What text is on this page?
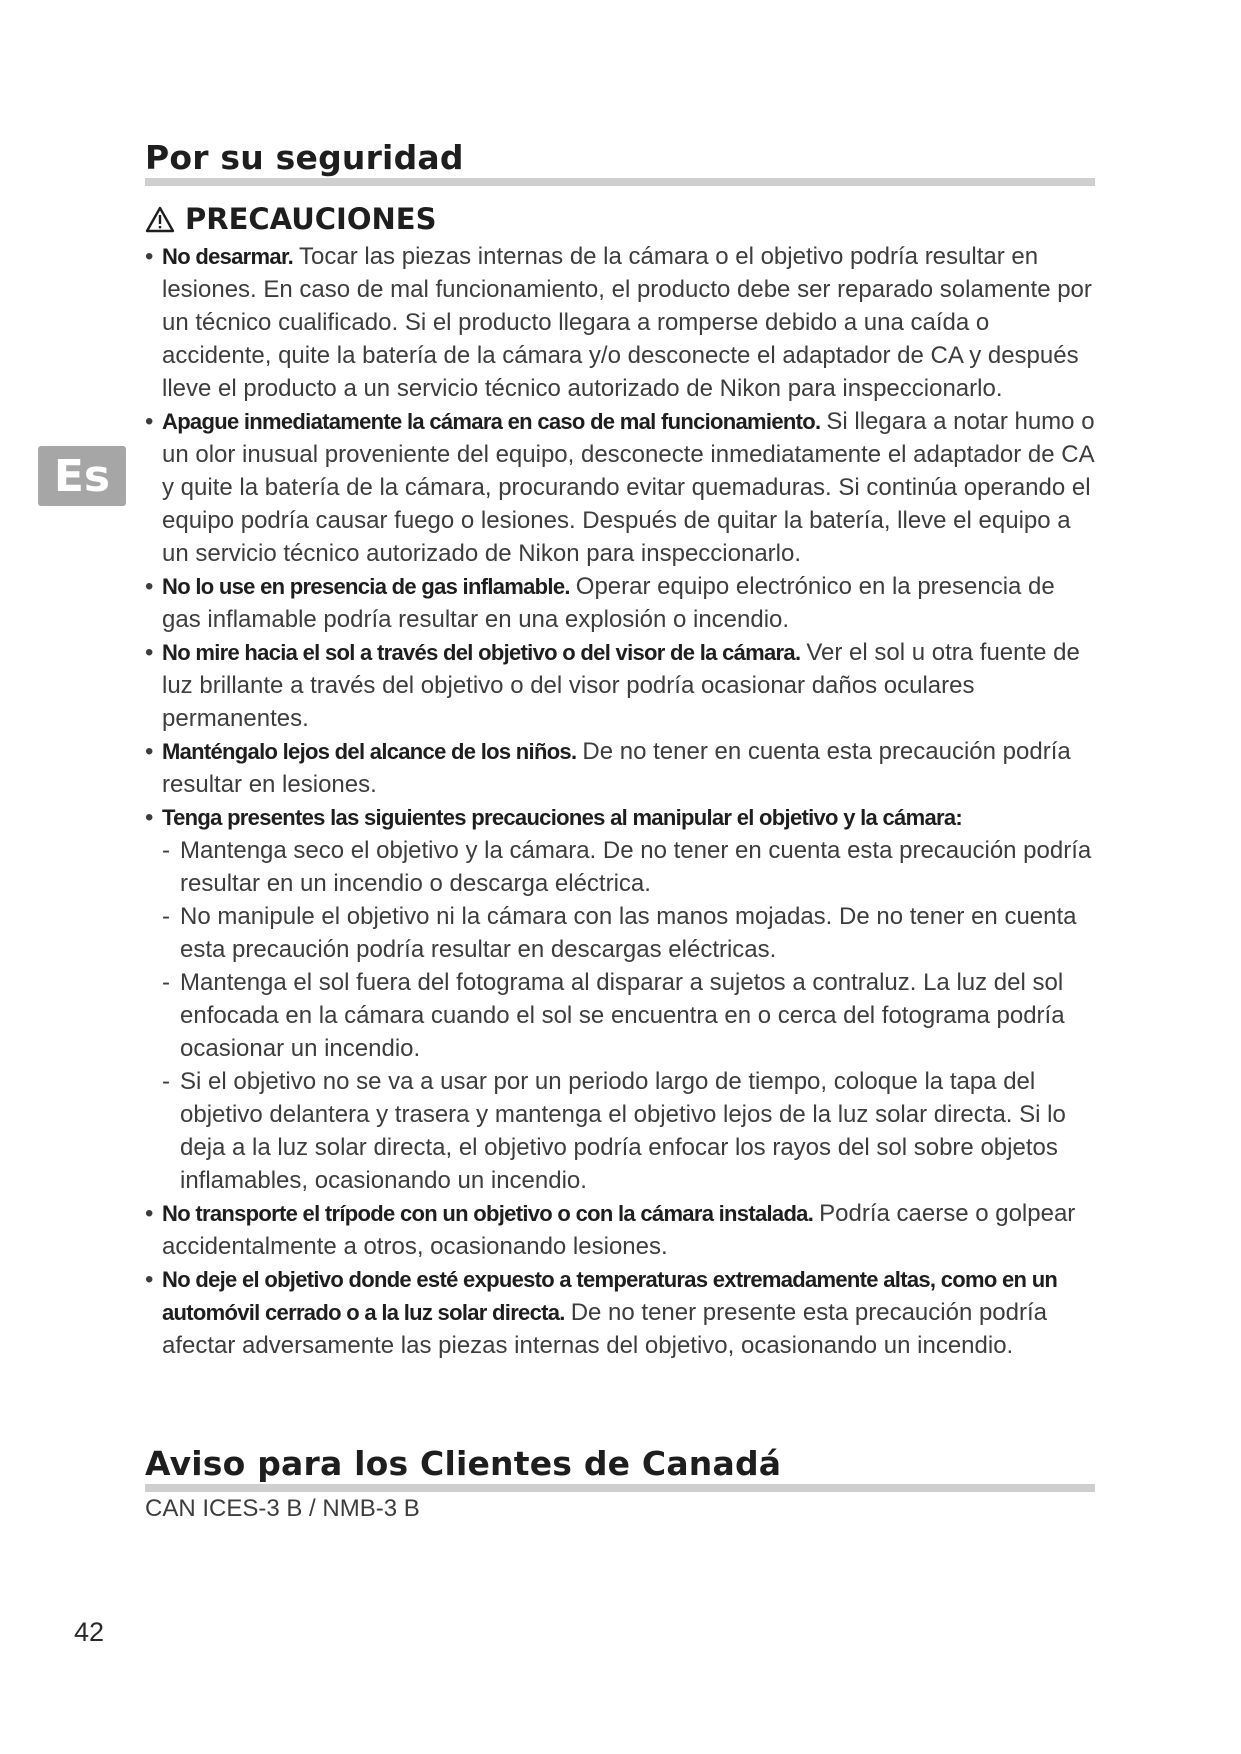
Por su seguridad
PRECAUCIONES
Es
• No desarmar. Tocar las piezas internas de la cámara o el objetivo podría resultar en lesiones. En caso de mal funcionamiento, el producto debe ser reparado solamente por un técnico cualificado. Si el producto llegara a romperse debido a una caída o accidente, quite la batería de la cámara y/o desconecte el adaptador de CA y después lleve el producto a un servicio técnico autorizado de Nikon para inspeccionarlo.
• Apague inmediatamente la cámara en caso de mal funcionamiento. Si llegara a notar humo o un olor inusual proveniente del equipo, desconecte inmediatamente el adaptador de CA y quite la batería de la cámara, procurando evitar quemaduras. Si continúa operando el equipo podría causar fuego o lesiones. Después de quitar la batería, lleve el equipo a un servicio técnico autorizado de Nikon para inspeccionarlo.
• No lo use en presencia de gas inflamable. Operar equipo electrónico en la presencia de gas inflamable podría resultar en una explosión o incendio.
• No mire hacia el sol a través del objetivo o del visor de la cámara. Ver el sol u otra fuente de luz brillante a través del objetivo o del visor podría ocasionar daños oculares permanentes.
• Manténgalo lejos del alcance de los niños. De no tener en cuenta esta precaución podría resultar en lesiones.
• Tenga presentes las siguientes precauciones al manipular el objetivo y la cámara:
- Mantenga seco el objetivo y la cámara. De no tener en cuenta esta precaución podría resultar en un incendio o descarga eléctrica.
- No manipule el objetivo ni la cámara con las manos mojadas. De no tener en cuenta esta precaución podría resultar en descargas eléctricas.
- Mantenga el sol fuera del fotograma al disparar a sujetos a contraluz. La luz del sol enfocada en la cámara cuando el sol se encuentra en o cerca del fotograma podría ocasionar un incendio.
- Si el objetivo no se va a usar por un periodo largo de tiempo, coloque la tapa del objetivo delantera y trasera y mantenga el objetivo lejos de la luz solar directa. Si lo deja a la luz solar directa, el objetivo podría enfocar los rayos del sol sobre objetos inflamables, ocasionando un incendio.
• No transporte el trípode con un objetivo o con la cámara instalada. Podría caerse o golpear accidentalmente a otros, ocasionando lesiones.
• No deje el objetivo donde esté expuesto a temperaturas extremadamente altas, como en un automóvil cerrado o a la luz solar directa. De no tener presente esta precaución podría afectar adversamente las piezas internas del objetivo, ocasionando un incendio.
Aviso para los Clientes de Canadá
CAN ICES-3 B / NMB-3 B
42
